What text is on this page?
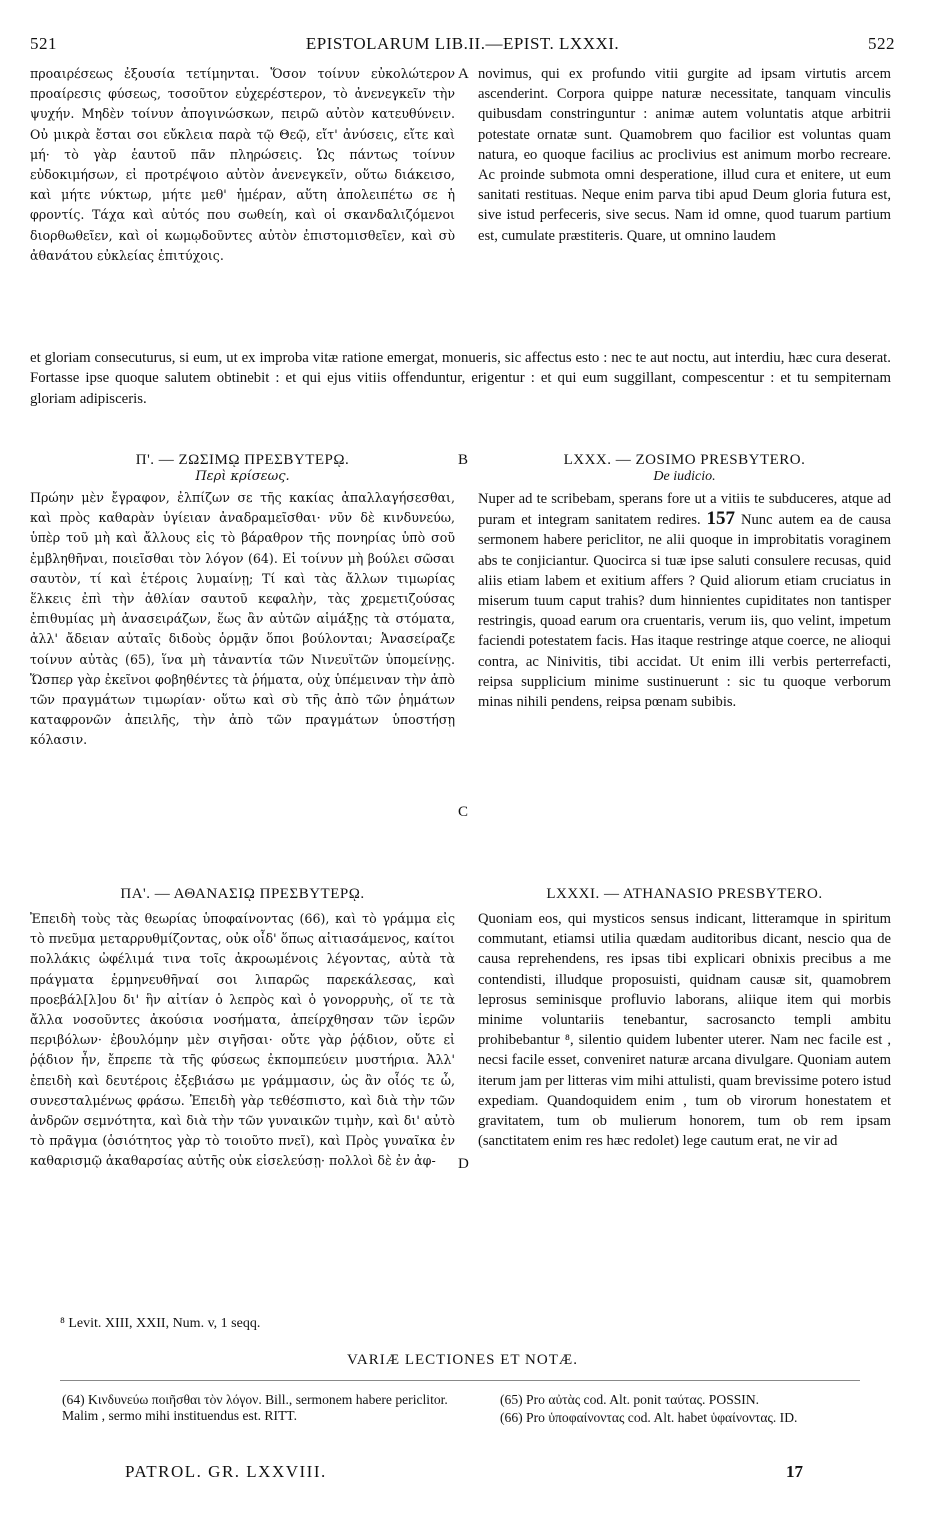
521	EPISTOLARUM LIB.II.—EPIST. LXXXI.	522

προαιρέσεως ἐξουσία τετίμηνται. Ὅσον τοίνυν εὐκολώτερον προαίρεσις φύσεως, τοσοῦτον εὐχερέστερον, τὸ ἀνενεγκεῖν τὴν ψυχήν. Μηδὲν τοίνυν ἀπογινώσκων, πειρῶ αὐτὸν κατευθύνειν. Οὐ μικρὰ ἔσται σοι εὔκλεια παρὰ τῷ Θεῷ, εἴτ' ἀνύσεις, εἴτε καὶ μή· τὸ γὰρ ἑαυτοῦ πᾶν πληρώσεις. Ὡς πάντως τοίνυν εὐδοκιμήσων, εἰ προτρέψοιο αὐτὸν ἀνενεγκεῖν, οὕτω διάκεισο, καὶ μήτε νύκτωρ, μήτε μεθ' ἡμέραν, αὕτη ἀπολειπέτω σε ἡ φροντίς. Τάχα καὶ αὐτός που σωθείη, καὶ οἱ σκανδαλιζόμενοι διορθωθεῖεν, καὶ οἱ κωμῳδοῦντες αὐτὸν ἐπιστομισθεῖεν, καὶ σὺ ἀθανάτου εὐκλείας ἐπιτύχοις.

novimus, qui ex profundo vitii gurgite ad ipsam virtutis arcem ascenderint. Corpora quippe naturæ necessitate, tanquam vinculis quibusdam constringuntur : animæ autem voluntatis atque arbitrii potestate ornatæ sunt. Quamobrem quo facilior est voluntas quam natura, eo quoque facilius ac proclivius est animum morbo recreare. Ac proinde submota omni desperatione, illud cura et enitere, ut eum sanitati restituas. Neque enim parva tibi apud Deum gloria futura est, sive istud perfeceris, sive secus. Nam id omne, quod tuarum partium est, cumulate præstiteris. Quare, ut omnino laudem

et gloriam consecuturus, si eum, ut ex improba vitæ ratione emergat, monueris, sic affectus esto : nec te aut noctu, aut interdiu, hæc cura deserat. Fortasse ipse quoque salutem obtinebit : et qui ejus vitiis offenduntur, erigentur : et qui eum suggillant, compescentur : et tu sempiternam gloriam adipisceris.

A
B
C
D
Π'. — ΖΩΣΙΜῼ ΠΡΕΣΒΥΤΕΡῼ.
Περὶ κρίσεως.

Πρώην μὲν ἔγραφον, ἐλπίζων σε τῆς κακίας ἀπαλλαγήσεσθαι, καὶ πρὸς καθαρὰν ὑγίειαν ἀναδραμεῖσθαι· νῦν δὲ κινδυνεύω, ὑπὲρ τοῦ μὴ καὶ ἄλλους εἰς τὸ βάραθρον τῆς πονηρίας ὑπὸ σοῦ ἐμβληθῆναι, ποιεῖσθαι τὸν λόγον (64). Εἰ τοίνυν μὴ βούλει σῶσαι σαυτὸν, τί καὶ ἑτέροις λυμαίνῃ; Τί καὶ τὰς ἄλλων τιμωρίας ἕλκεις ἐπὶ τὴν ἀθλίαν σαυτοῦ κεφαλὴν, τὰς χρεμετιζούσας ἐπιθυμίας μὴ ἀνασειράζων, ἕως ἂν αὐτῶν αἱμάξῃς τὰ στόματα, ἀλλ' ἄδειαν αὐταῖς διδοὺς ὁρμᾷν ὅποι βούλονται; Ἀνασείραζε τοίνυν αὐτὰς (65), ἵνα μὴ τἀναντία τῶν Νινευϊτῶν ὑπομείνῃς. Ὥσπερ γὰρ ἐκεῖνοι φοβηθέντες τὰ ῥήματα, οὐχ ὑπέμειναν τὴν ἀπὸ τῶν πραγμάτων τιμωρίαν· οὕτω καὶ σὺ τῆς ἀπὸ τῶν ῥημάτων καταφρονῶν ἀπειλῆς, τὴν ἀπὸ τῶν πραγμάτων ὑποστήσῃ κόλασιν.

LXXX. — ZOSIMO PRESBYTERO.
De iudicio.

Nuper ad te scribebam, sperans fore ut a vitiis te subduceres, atque ad puram et integram sanitatem redires. 157 Nunc autem ea de causa sermonem habere periclitor, ne alii quoque in improbitatis voraginem abs te conjiciantur. Quocirca si tuæ ipse saluti consulere recusas, quid aliis etiam labem et exitium affers ? Quid aliorum etiam cruciatus in miserum tuum caput trahis? dum hinnientes cupiditates non tantisper restringis, quoad earum ora cruentaris, verum iis, quo velint, impetum faciendi potestatem facis. Has itaque restringe atque coerce, ne alioqui contra, ac Ninivitis, tibi accidat. Ut enim illi verbis perterrefacti, reipsa supplicium minime sustinuerunt : sic tu quoque verborum minas nihili pendens, reipsa pœnam subibis.

ΠΑ'. — ΑΘΑΝΑΣΙῼ ΠΡΕΣΒΥΤΕΡῼ.

Ἐπειδὴ τοὺς τὰς θεωρίας ὑποφαίνοντας (66), καὶ τὸ γράμμα εἰς τὸ πνεῦμα μεταρρυθμίζοντας, οὐκ οἶδ' ὅπως αἰτιασάμενος, καίτοι πολλάκις ὠφέλιμά τινα τοῖς ἀκροωμένοις λέγοντας, αὐτὰ τὰ πράγματα ἑρμηνευθῆναί σοι λιπαρῶς παρεκάλεσας, καὶ προεβάλ[λ]ου δι' ἣν αἰτίαν ὁ λεπρὸς καὶ ὁ γονορρυὴς, οἵ τε τὰ ἄλλα νοσοῦντες ἀκούσια νοσήματα, ἀπείρχθησαν τῶν ἱερῶν περιβόλων· ἐβουλόμην μὲν σιγῆσαι· οὔτε γὰρ ῥᾴδιον, οὔτε εἰ ῥᾴδιον ἦν, ἔπρεπε τὰ τῆς φύσεως ἐκπομπεύειν μυστήρια. Ἀλλ' ἐπειδὴ καὶ δευτέροις ἐξεβιάσω με γράμμασιν, ὡς ἂν οἷός τε ὦ, συνεσταλμένως φράσω. Ἐπειδὴ γὰρ τεθέσπιστο, καὶ διὰ τὴν τῶν ἀνδρῶν σεμνότητα, καὶ διὰ τὴν τῶν γυναικῶν τιμὴν, καὶ δι' αὐτὸ τὸ πρᾶγμα (ὁσιότητος γὰρ τὸ τοιοῦτο πνεῖ), καὶ Πρὸς γυναῖκα ἐν καθαρισμῷ ἀκαθαρσίας αὐτῆς οὐκ εἰσελεύσῃ· πολλοὶ δὲ ἐν ἀφ-

LXXXI. — ATHANASIO PRESBYTERO.

Quoniam eos, qui mysticos sensus indicant, litteramque in spiritum commutant, etiamsi utilia quædam auditoribus dicant, nescio qua de causa reprehendens, res ipsas tibi explicari obnixis precibus a me contendisti, illudque proposuisti, quidnam causæ sit, quamobrem leprosus seminisque profluvio laborans, aliique item qui morbis minime voluntariis tenebantur, sacrosancto templi ambitu prohibebantur ⁸, silentio quidem lubenter uterer. Nam nec facile est , necsi facile esset, conveniret naturæ arcana divulgare. Quoniam autem iterum jam per litteras vim mihi attulisti, quam brevissime potero istud expediam. Quandoquidem enim , tum ob virorum honestatem et gravitatem, tum ob mulierum honorem, tum ob rem ipsam (sanctitatem enim res hæc redolet) lege cautum erat, ne vir ad

⁸ Levit. XIII, XXII, Num. v, 1 seqq.
VARIÆ LECTIONES ET NOTÆ.
(64) Κινδυνεύω ποιῆσθαι τὸν λόγον. Bill., sermonem habere periclitor. Malim , sermo mihi instituendus est. RITT.
(65) Pro αὐτὰς cod. Alt. ponit ταύτας. POSSIN.
(66) Pro ὑποφαίνοντας cod. Alt. habet ὑφαίνοντας. ID.
PATROL. GR. LXXVIII.	17
